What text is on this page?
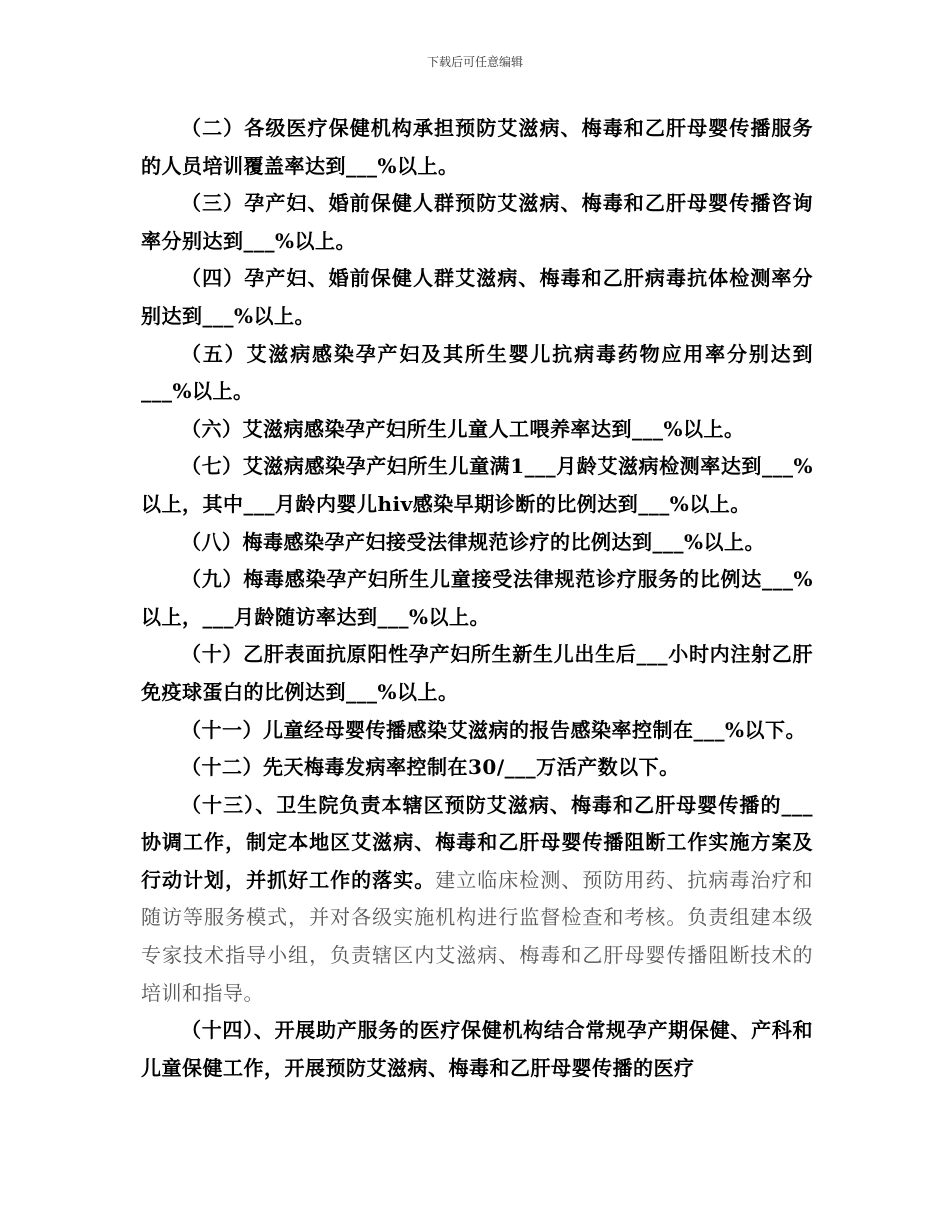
下载后可任意编辑

（二）各级医疗保健机构承担预防艾滋病、梅毒和乙肝母婴传播服务的人员培训覆盖率达到___%以上。

（三）孕产妇、婚前保健人群预防艾滋病、梅毒和乙肝母婴传播咨询率分别达到___%以上。

（四）孕产妇、婚前保健人群艾滋病、梅毒和乙肝病毒抗体检测率分别达到___%以上。

（五）艾滋病感染孕产妇及其所生婴儿抗病毒药物应用率分别达到___%以上。

（六）艾滋病感染孕产妇所生儿童人工喂养率达到___%以上。

（七）艾滋病感染孕产妇所生儿童满1___月龄艾滋病检测率达到___%以上，其中___月龄内婴儿hiv感染早期诊断的比例达到___%以上。

（八）梅毒感染孕产妇接受法律规范诊疗的比例达到___%以上。

（九）梅毒感染孕产妇所生儿童接受法律规范诊疗服务的比例达___%以上，___月龄随访率达到___%以上。

（十）乙肝表面抗原阳性孕产妇所生新生儿出生后___小时内注射乙肝免疫球蛋白的比例达到___%以上。

（十一）儿童经母婴传播感染艾滋病的报告感染率控制在___%以下。

（十二）先天梅毒发病率控制在30/___万活产数以下。

（十三）、卫生院负责本辖区预防艾滋病、梅毒和乙肝母婴传播的___协调工作，制定本地区艾滋病、梅毒和乙肝母婴传播阻断工作实施方案及行动计划，并抓好工作的落实。建立临床检测、预防用药、抗病毒治疗和随访等服务模式，并对各级实施机构进行监督检查和考核。负责组建本级专家技术指导小组，负责辖区内艾滋病、梅毒和乙肝母婴传播阻断技术的培训和指导。

（十四）、开展助产服务的医疗保健机构结合常规孕产期保健、产科和儿童保健工作，开展预防艾滋病、梅毒和乙肝母婴传播的医疗
